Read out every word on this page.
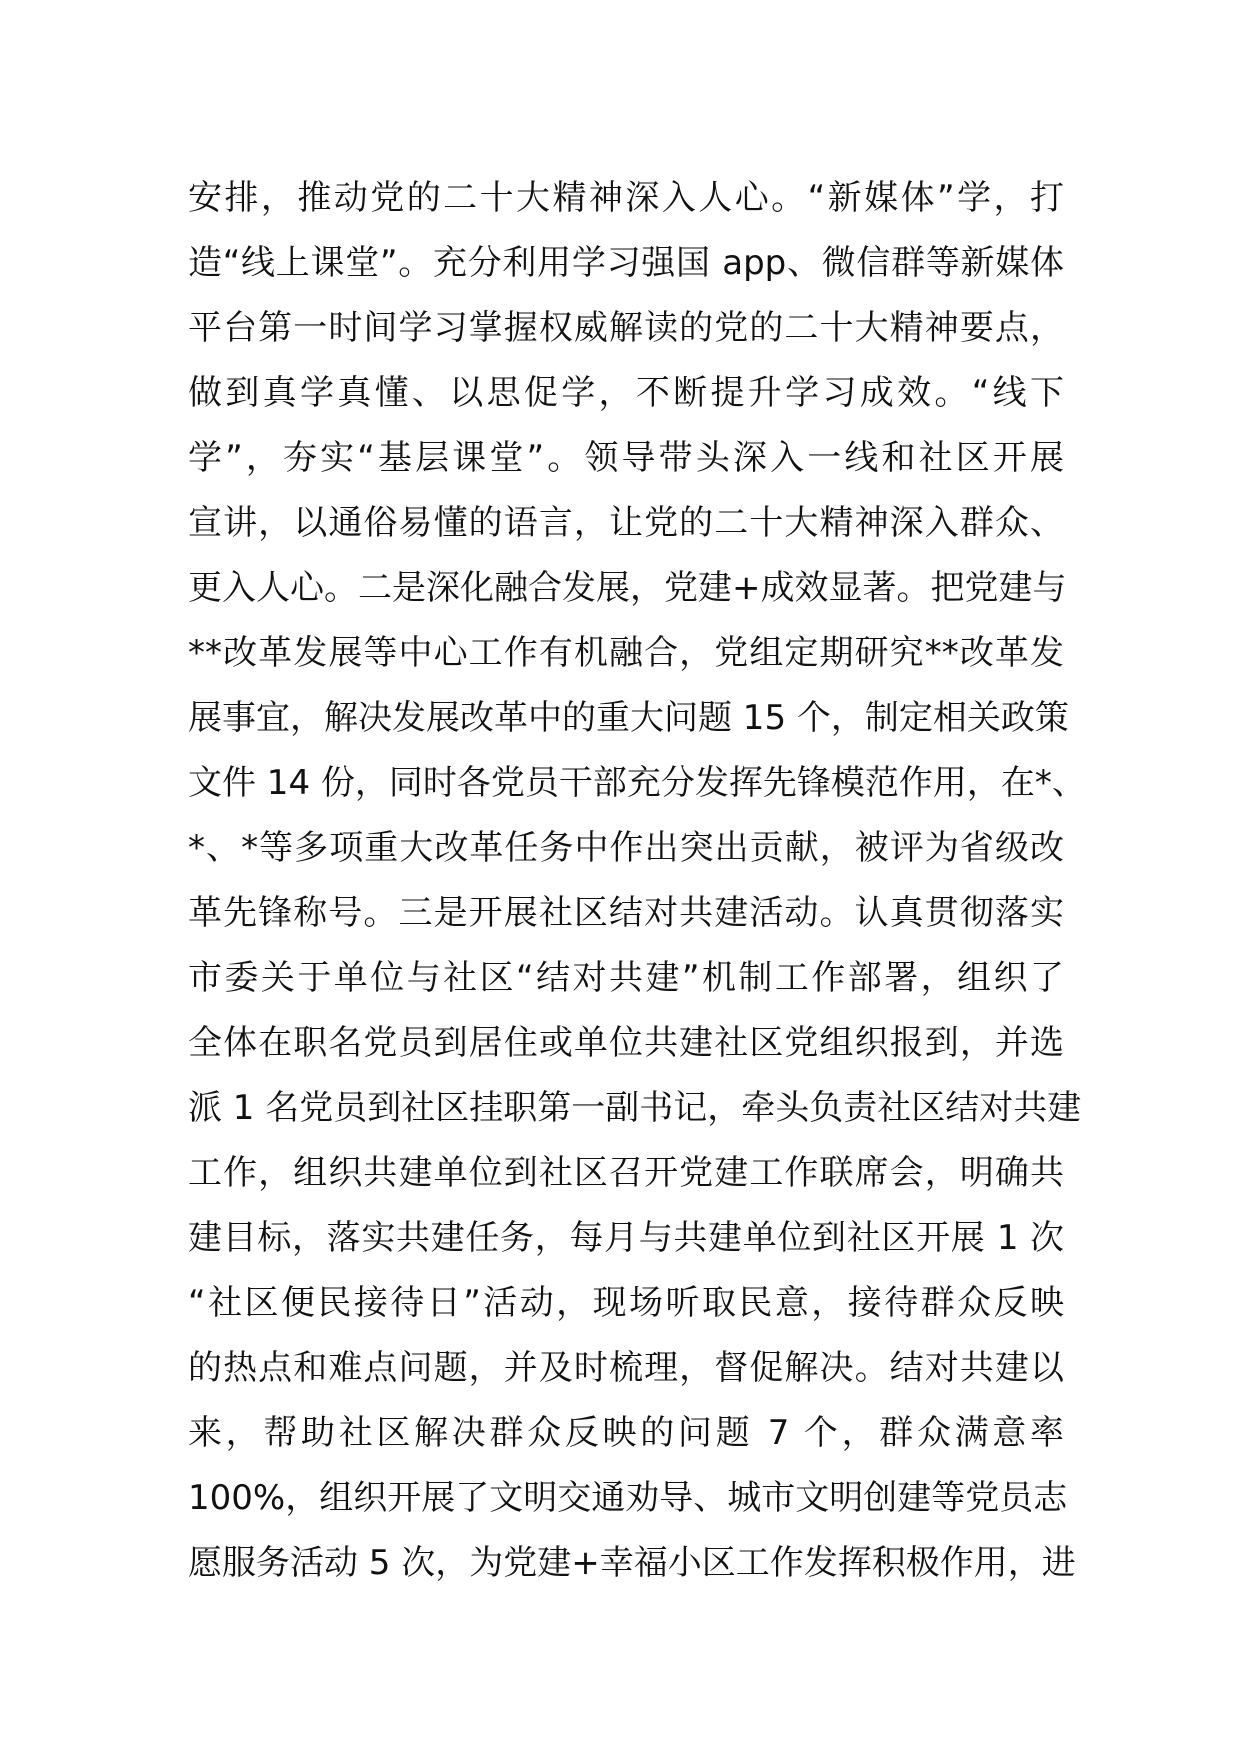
安排，推动党的二十大精神深入人心。“新媒体”学，打
造“线上课堂”。充分利用学习强国 app、微信群等新媒体
平台第一时间学习掌握权威解读的党的二十大精神要点，
做到真学真懂、以思促学，不断提升学习成效。“线下
学”，夯实“基层课堂”。领导带头深入一线和社区开展
宣讲，以通俗易懂的语言，让党的二十大精神深入群众、
更入人心。二是深化融合发展，党建+成效显著。把党建与
**改革发展等中心工作有机融合，党组定期研究**改革发
展事宜，解决发展改革中的重大问题 15 个，制定相关政策
文件 14 份，同时各党员干部充分发挥先锋模范作用，在*、
*、*等多项重大改革任务中作出突出贡献，被评为省级改
革先锋称号。三是开展社区结对共建活动。认真贯彻落实
市委关于单位与社区“结对共建”机制工作部署，组织了
全体在职名党员到居住或单位共建社区党组织报到，并选
派 1 名党员到社区挂职第一副书记，牵头负责社区结对共建
工作，组织共建单位到社区召开党建工作联席会，明确共
建目标，落实共建任务，每月与共建单位到社区开展 1 次
“社区便民接待日”活动，现场听取民意，接待群众反映
的热点和难点问题，并及时梳理，督促解决。结对共建以
来，帮助社区解决群众反映的问题 7 个，群众满意率
100%，组织开展了文明交通劝导、城市文明创建等党员志
愿服务活动 5 次，为党建+幸福小区工作发挥积极作用，进
